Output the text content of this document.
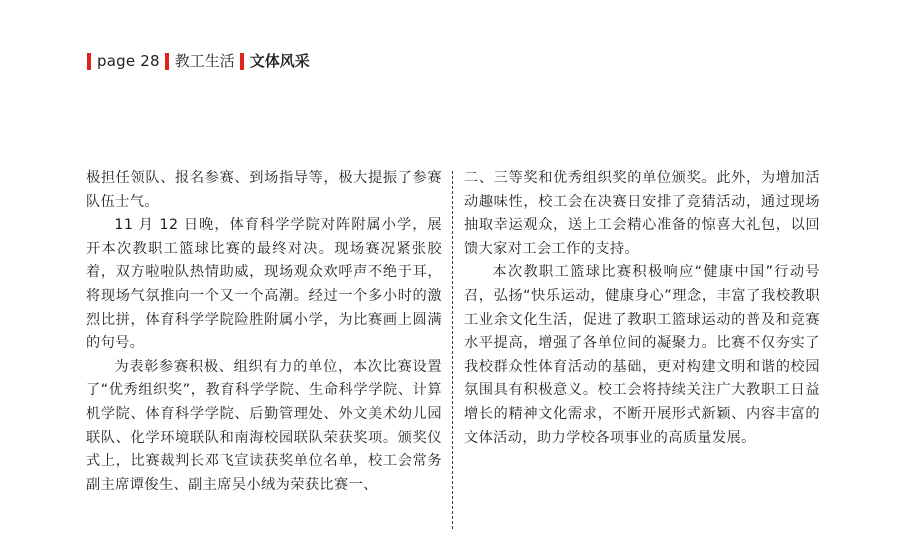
page 28 教工生活 文体风采

极担任领队、报名参赛、到场指导等，极大提振了参赛队伍士气。

11 月 12 日晚，体育科学学院对阵附属小学，展开本次教职工篮球比赛的最终对决。现场赛况紧张胶着，双方啦啦队热情助威，现场观众欢呼声不绝于耳，将现场气氛推向一个又一个高潮。经过一个多小时的激烈比拼，体育科学学院险胜附属小学，为比赛画上圆满的句号。

为表彰参赛积极、组织有力的单位，本次比赛设置了“优秀组织奖”，教育科学学院、生命科学学院、计算机学院、体育科学学院、后勤管理处、外文美术幼儿园联队、化学环境联队和南海校园联队荣获奖项。颁奖仪式上，比赛裁判长邓飞宣读获奖单位名单，校工会常务副主席谭俊生、副主席吴小绒为荣获比赛一、

二、三等奖和优秀组织奖的单位颁奖。此外，为增加活动趣味性，校工会在决赛日安排了竞猜活动，通过现场抽取幸运观众，送上工会精心准备的惊喜大礼包，以回馈大家对工会工作的支持。

本次教职工篮球比赛积极响应“健康中国”行动号召，弘扬“快乐运动，健康身心”理念，丰富了我校教职工业余文化生活，促进了教职工篮球运动的普及和竞赛水平提高，增强了各单位间的凝聚力。比赛不仅夯实了我校群众性体育活动的基础，更对构建文明和谐的校园氛围具有积极意义。校工会将持续关注广大教职工日益增长的精神文化需求，不断开展形式新颖、内容丰富的文体活动，助力学校各项事业的高质量发展。
